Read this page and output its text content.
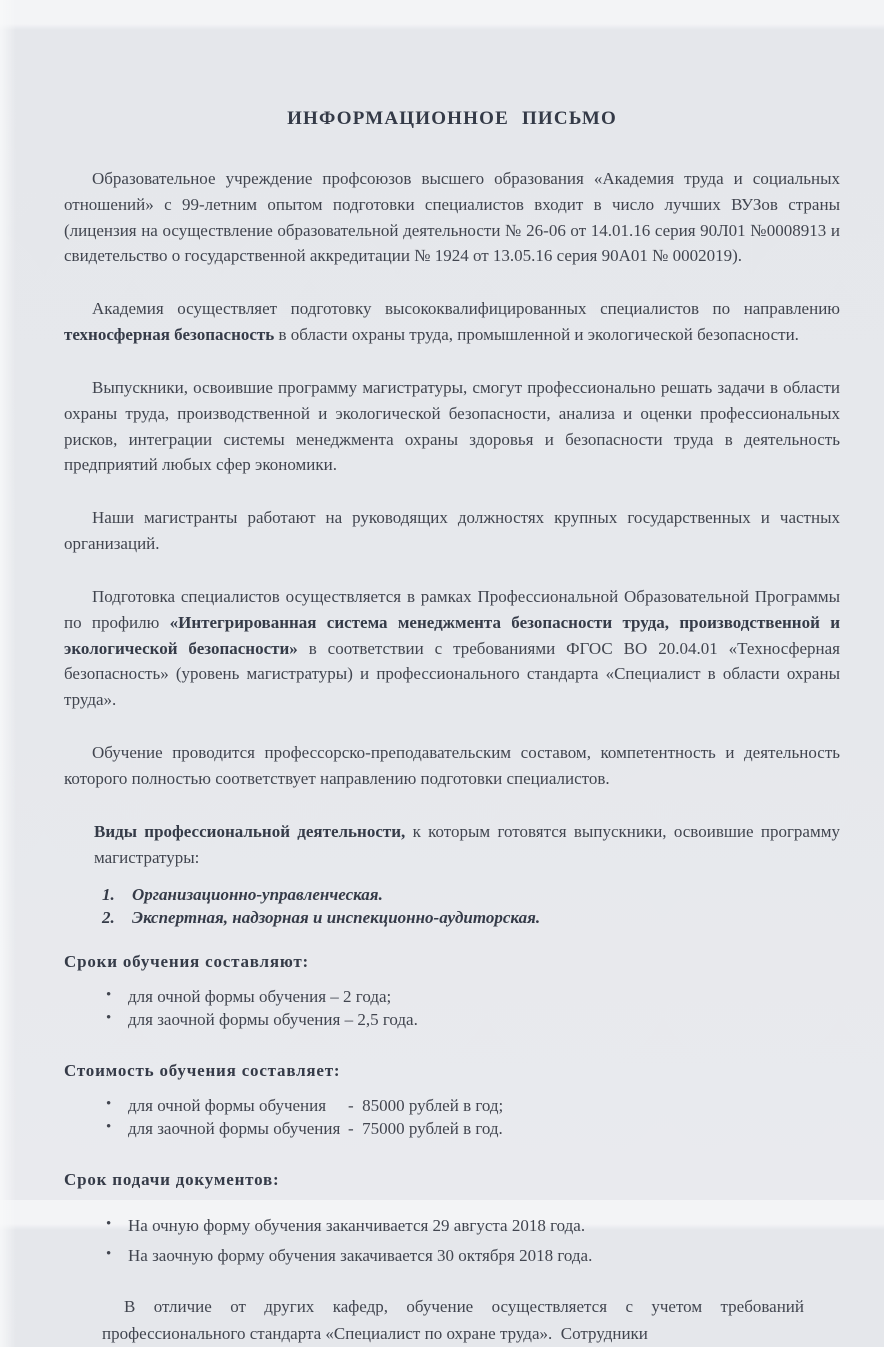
ИНФОРМАЦИОННОЕ ПИСЬМО

Образовательное учреждение профсоюзов высшего образования «Академия труда и социальных отношений» с 99-летним опытом подготовки специалистов входит в число лучших ВУЗов страны (лицензия на осуществление образовательной деятельности № 26-06 от 14.01.16 серия 90Л01 №0008913 и свидетельство о государственной аккредитации № 1924 от 13.05.16 серия 90А01 № 0002019).

Академия осуществляет подготовку высококвалифицированных специалистов по направлению техносферная безопасность в области охраны труда, промышленной и экологической безопасности.

Выпускники, освоившие программу магистратуры, смогут профессионально решать задачи в области охраны труда, производственной и экологической безопасности, анализа и оценки профессиональных рисков, интеграции системы менеджмента охраны здоровья и безопасности труда в деятельность предприятий любых сфер экономики.

Наши магистранты работают на руководящих должностях крупных государственных и частных организаций.

Подготовка специалистов осуществляется в рамках Профессиональной Образовательной Программы по профилю «Интегрированная система менеджмента безопасности труда, производственной и экологической безопасности» в соответствии с требованиями ФГОС ВО 20.04.01 «Техносферная безопасность» (уровень магистратуры) и профессионального стандарта «Специалист в области охраны труда».

Обучение проводится профессорско-преподавательским составом, компетентность и деятельность которого полностью соответствует направлению подготовки специалистов.

Виды профессиональной деятельности, к которым готовятся выпускники, освоившие программу магистратуры:

1.	Организационно-управленческая.
2.	Экспертная, надзорная и инспекционно-аудиторская.
Сроки обучения составляют:
• для очной формы обучения – 2 года;
• для заочной формы обучения – 2,5 года.
Стоимость обучения составляет:
• для очной формы обучения	-  85000 рублей в год;
• для заочной формы обучения -  75000 рублей в год.
Срок подачи документов:
• На очную форму обучения заканчивается 29 августа 2018 года.
• На заочную форму обучения закачивается 30 октября 2018 года.

В отличие от других кафедр, обучение осуществляется с учетом требований профессионального стандарта «Специалист по охране труда».  Сотрудники
